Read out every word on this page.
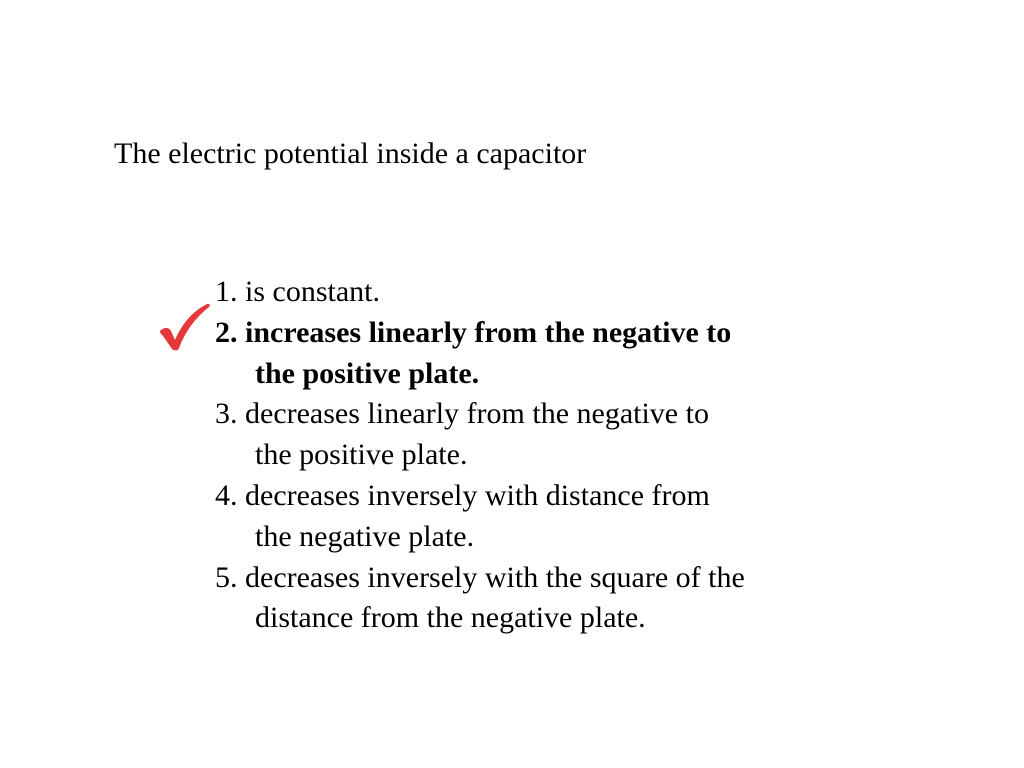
The electric potential inside a capacitor
1. is constant.
2. increases linearly from the negative to
the positive plate.
3. decreases linearly from the negative to
the positive plate.
4. decreases inversely with distance from
the negative plate.
5. decreases inversely with the square of the
distance from the negative plate.
